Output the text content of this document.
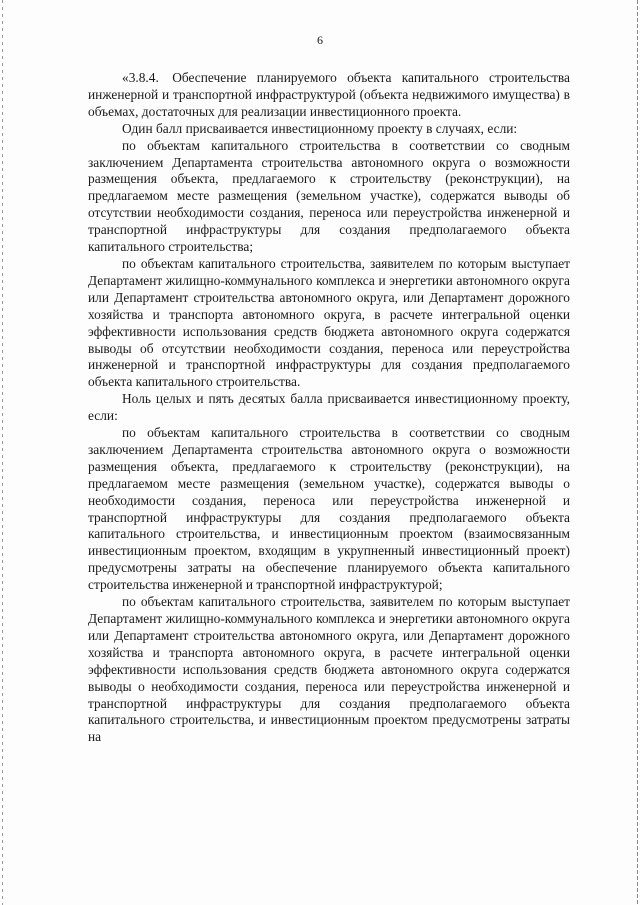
6

«3.8.4. Обеспечение планируемого объекта капитального строительства инженерной и транспортной инфраструктурой (объекта недвижимого имущества) в объемах, достаточных для реализации инвестиционного проекта.

Один балл присваивается инвестиционному проекту в случаях, если:

по объектам капитального строительства в соответствии со сводным заключением Департамента строительства автономного округа о возможности размещения объекта, предлагаемого к строительству (реконструкции), на предлагаемом месте размещения (земельном участке), содержатся выводы об отсутствии необходимости создания, переноса или переустройства инженерной и транспортной инфраструктуры для создания предполагаемого объекта капитального строительства;

по объектам капитального строительства, заявителем по которым выступает Департамент жилищно-коммунального комплекса и энергетики автономного округа или Департамент строительства автономного округа, или Департамент дорожного хозяйства и транспорта автономного округа, в расчете интегральной оценки эффективности использования средств бюджета автономного округа содержатся выводы об отсутствии необходимости создания, переноса или переустройства инженерной и транспортной инфраструктуры для создания предполагаемого объекта капитального строительства.

Ноль целых и пять десятых балла присваивается инвестиционному проекту, если:

по объектам капитального строительства в соответствии со сводным заключением Департамента строительства автономного округа о возможности размещения объекта, предлагаемого к строительству (реконструкции), на предлагаемом месте размещения (земельном участке), содержатся выводы о необходимости создания, переноса или переустройства инженерной и транспортной инфраструктуры для создания предполагаемого объекта капитального строительства, и инвестиционным проектом (взаимосвязанным инвестиционным проектом, входящим в укрупненный инвестиционный проект) предусмотрены затраты на обеспечение планируемого объекта капитального строительства инженерной и транспортной инфраструктурой;

по объектам капитального строительства, заявителем по которым выступает Департамент жилищно-коммунального комплекса и энергетики автономного округа или Департамент строительства автономного округа, или Департамент дорожного хозяйства и транспорта автономного округа, в расчете интегральной оценки эффективности использования средств бюджета автономного округа содержатся выводы о необходимости создания, переноса или переустройства инженерной и транспортной инфраструктуры для создания предполагаемого объекта капитального строительства, и инвестиционным проектом предусмотрены затраты на
